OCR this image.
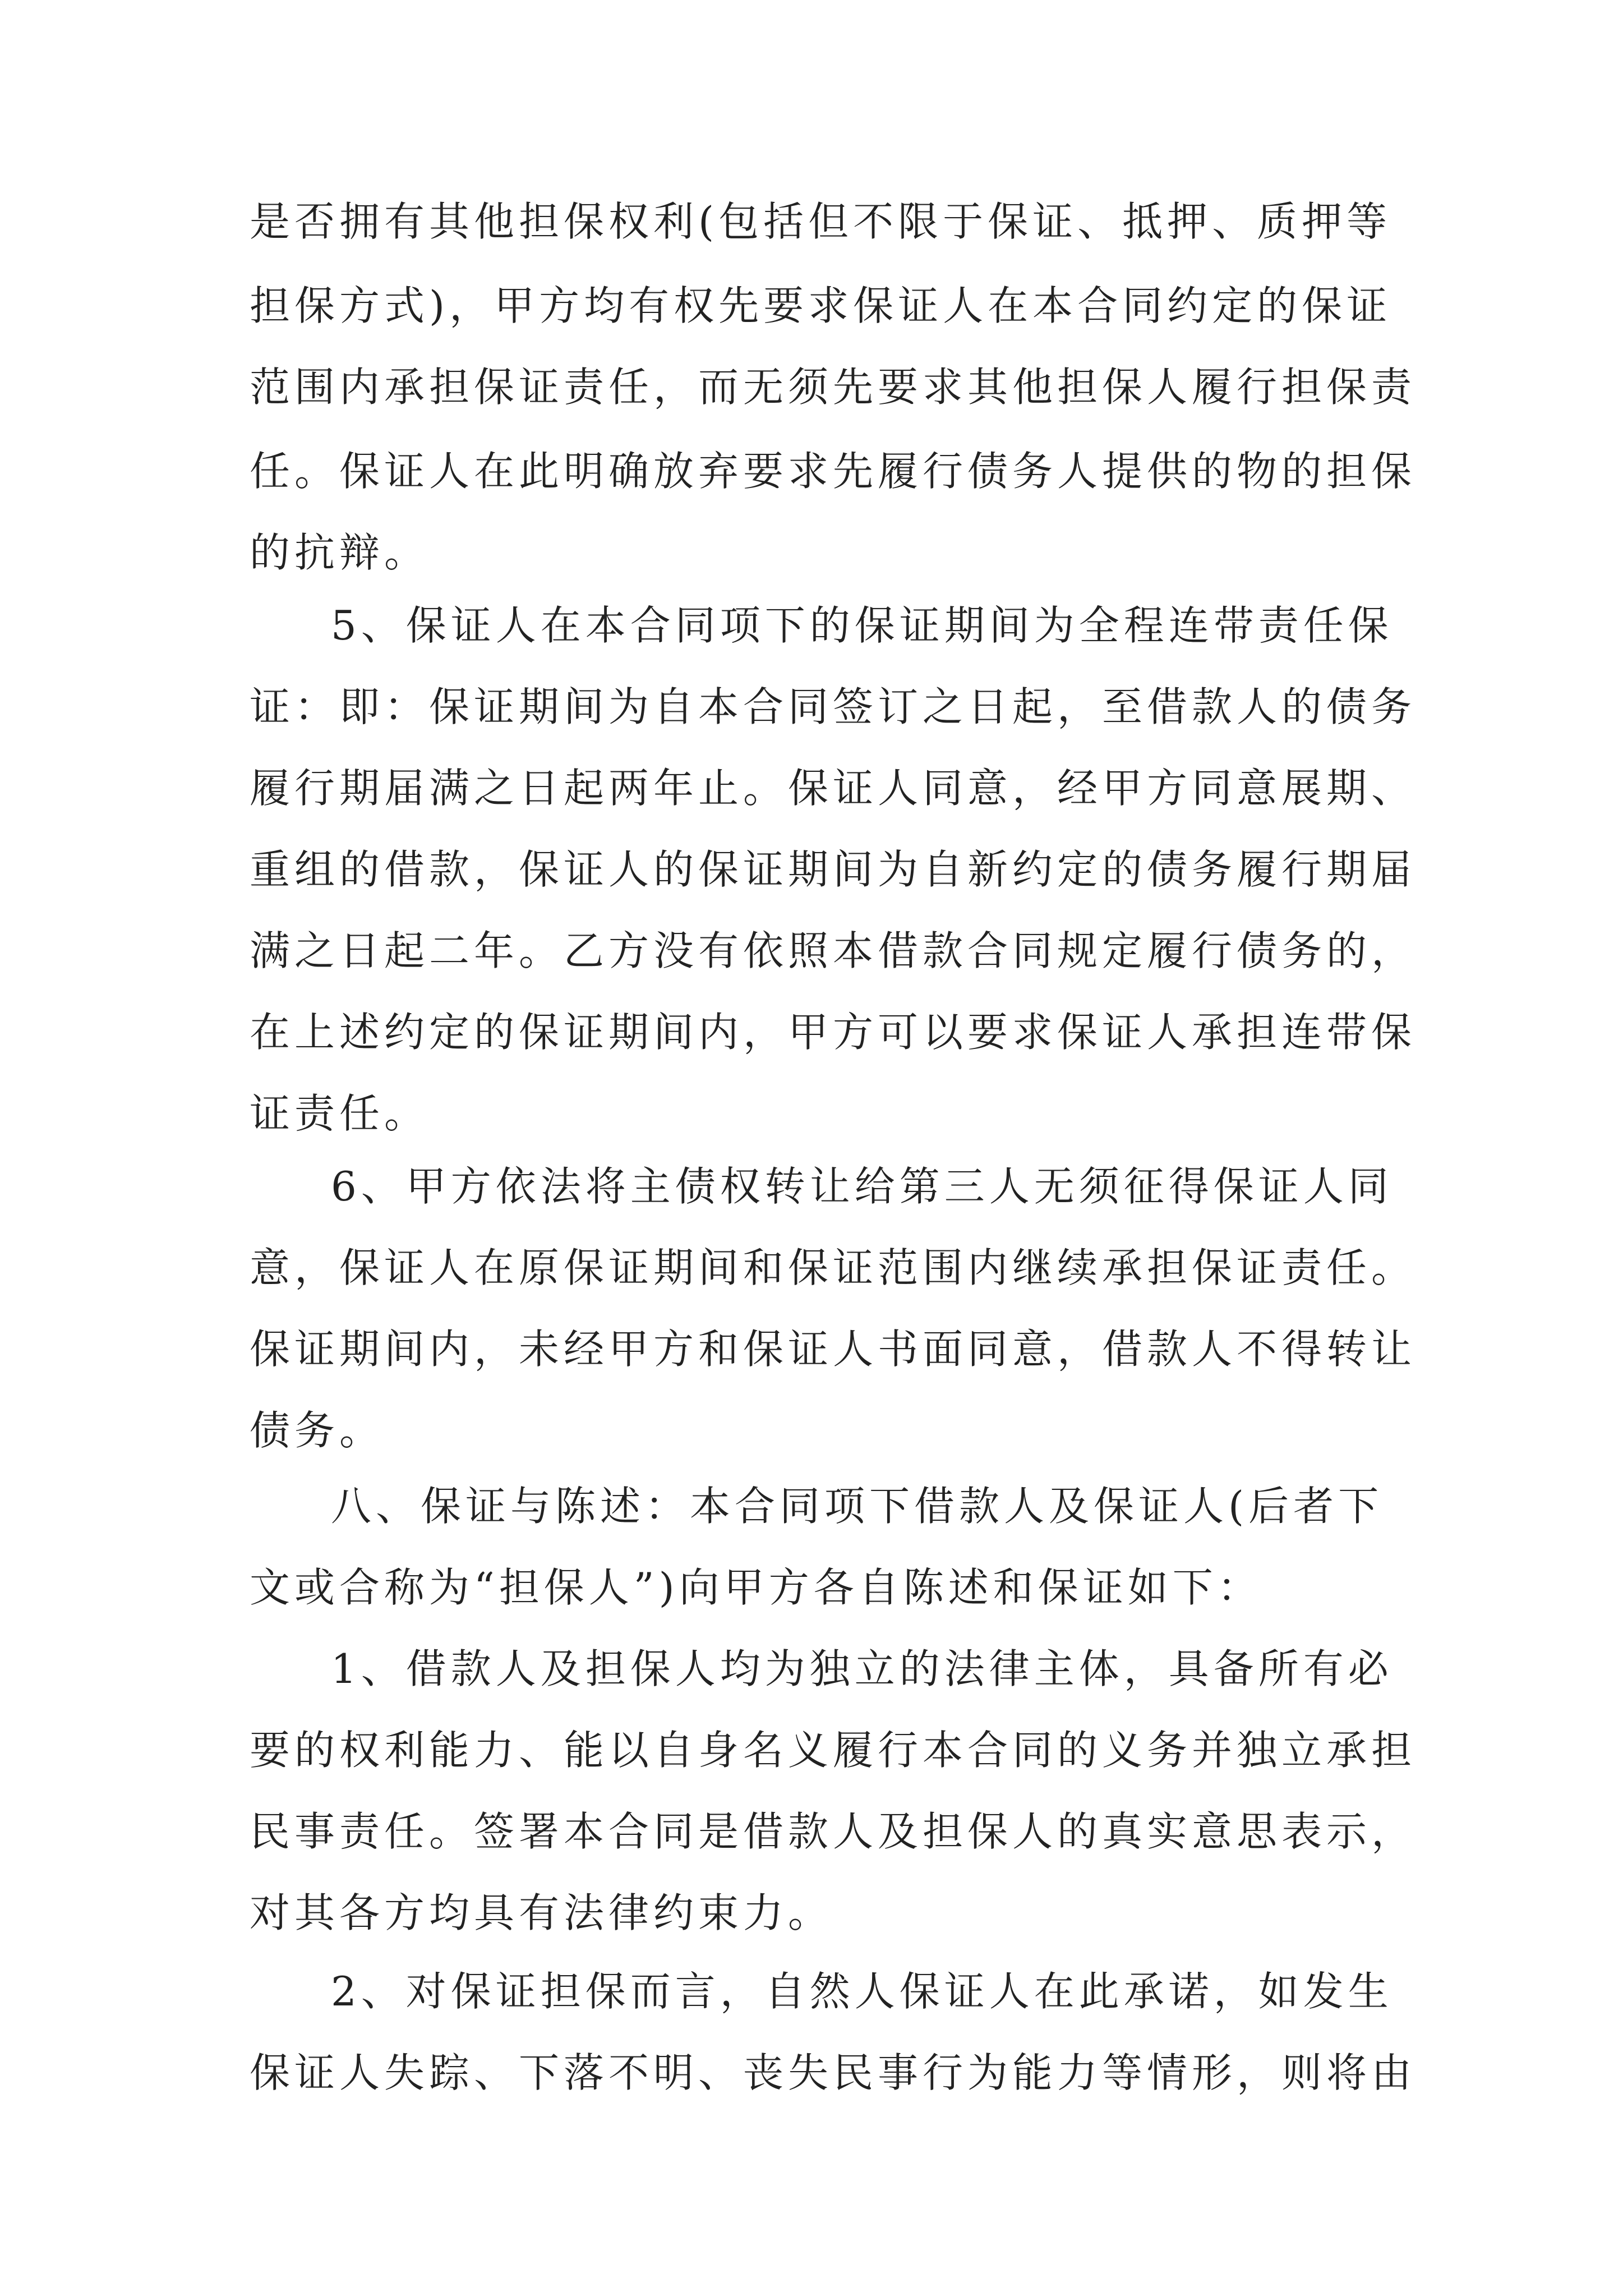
是否拥有其他担保权利(包括但不限于保证、抵押、质押等
担保方式)，甲方均有权先要求保证人在本合同约定的保证
范围内承担保证责任，而无须先要求其他担保人履行担保责
任。保证人在此明确放弃要求先履行债务人提供的物的担保
的抗辩。
5、保证人在本合同项下的保证期间为全程连带责任保
证：即：保证期间为自本合同签订之日起，至借款人的债务
履行期届满之日起两年止。保证人同意，经甲方同意展期、
重组的借款，保证人的保证期间为自新约定的债务履行期届
满之日起二年。乙方没有依照本借款合同规定履行债务的，
在上述约定的保证期间内，甲方可以要求保证人承担连带保
证责任。
6、甲方依法将主债权转让给第三人无须征得保证人同
意，保证人在原保证期间和保证范围内继续承担保证责任。
保证期间内，未经甲方和保证人书面同意，借款人不得转让
债务。
八、保证与陈述：本合同项下借款人及保证人(后者下
文或合称为“担保人”)向甲方各自陈述和保证如下：
1、借款人及担保人均为独立的法律主体，具备所有必
要的权利能力、能以自身名义履行本合同的义务并独立承担
民事责任。签署本合同是借款人及担保人的真实意思表示，
对其各方均具有法律约束力。
2、对保证担保而言，自然人保证人在此承诺，如发生
保证人失踪、下落不明、丧失民事行为能力等情形，则将由
